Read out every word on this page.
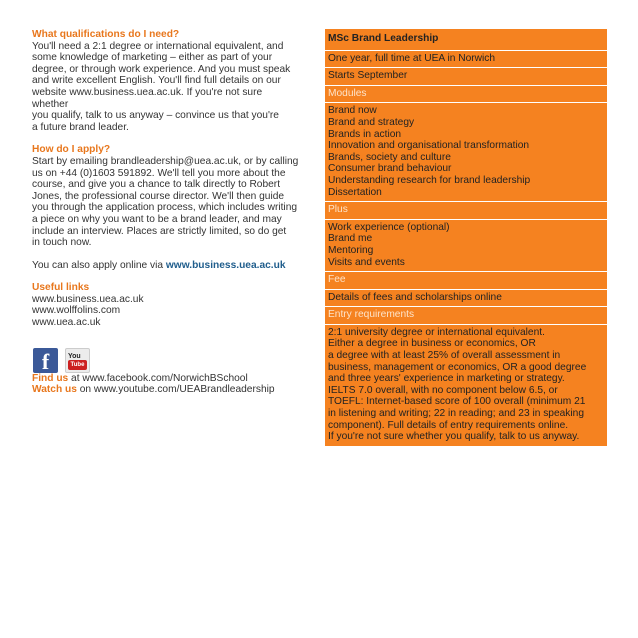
What qualifications do I need?

You'll need a 2:1 degree or international equivalent, and
some knowledge of marketing – either as part of your
degree, or through work experience. And you must speak
and write excellent English. You'll find full details on our
website www.business.uea.ac.uk. If you're not sure whether
you qualify, talk to us anyway – convince us that you're
a future brand leader.

How do I apply?

Start by emailing brandleadership@uea.ac.uk, or by calling
us on +44 (0)1603 591892. We'll tell you more about the
course, and give you a chance to talk directly to Robert
Jones, the professional course director. We'll then guide
you through the application process, which includes writing
a piece on why you want to be a brand leader, and may
include an interview. Places are strictly limited, so do get
in touch now.

You can also apply online via www.business.uea.ac.uk

Useful links
www.business.uea.ac.uk
www.wolffolins.com
www.uea.ac.uk
f	You
Tube

Find us at www.facebook.com/NorwichBSchool

Watch us on www.youtube.com/UEABrandleadership

MSc Brand Leadership
One year, full time at UEA in Norwich
Starts September
Modules
Brand now
Brand and strategy
Brands in action
Innovation and organisational transformation
Brands, society and culture
Consumer brand behaviour
Understanding research for brand leadership
Dissertation
Plus
Work experience (optional)
Brand me
Mentoring
Visits and events
Fee
Details of fees and scholarships online
Entry requirements
2:1 university degree or international equivalent.
Either a degree in business or economics, OR
a degree with at least 25% of overall assessment in
business, management or economics, OR a good degree
and three years' experience in marketing or strategy.
IELTS 7.0 overall, with no component below 6.5, or
TOEFL: Internet-based score of 100 overall (minimum 21
in listening and writing; 22 in reading; and 23 in speaking
component). Full details of entry requirements online.
If you're not sure whether you qualify, talk to us anyway.
